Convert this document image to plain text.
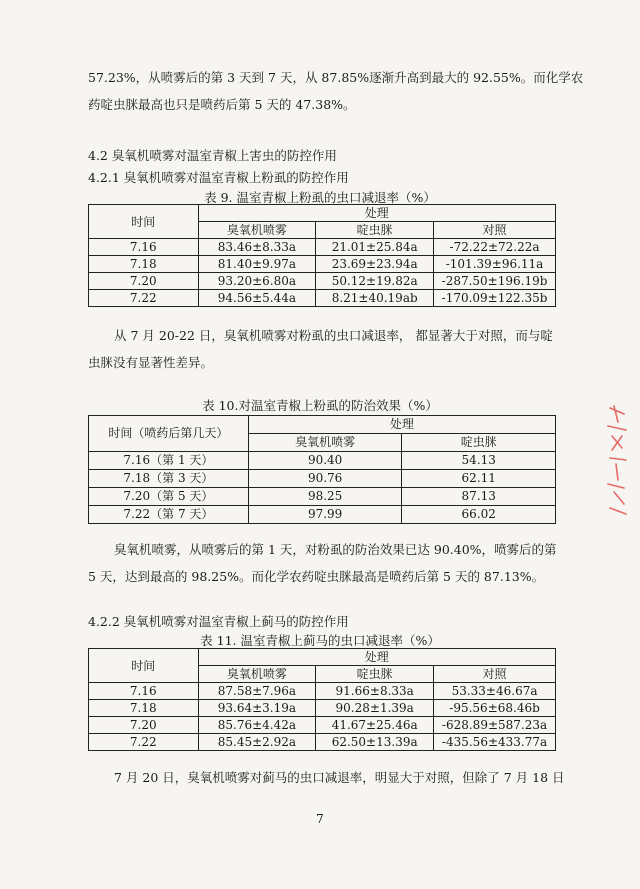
57.23%，从喷雾后的第 3 天到 7 天，从 87.85%逐渐升高到最大的 92.55%。而化学农
药啶虫脒最高也只是喷药后第 5 天的 47.38%。

4.2 臭氧机喷雾对温室青椒上害虫的防控作用

4.2.1 臭氧机喷雾对温室青椒上粉虱的防控作用

表 9. 温室青椒上粉虱的虫口减退率（%）

时间	处理		
	臭氧机喷雾	啶虫脒	对照
7.16	83.46±8.33a	21.01±25.84a	-72.22±72.22a
7.18	81.40±9.97a	23.69±23.94a	-101.39±96.11a
7.20	93.20±6.80a	50.12±19.82a	-287.50±196.19b
7.22	94.56±5.44a	8.21±40.19ab	-170.09±122.35b

从 7 月 20-22 日，臭氧机喷雾对粉虱的虫口减退率， 都显著大于对照，而与啶
虫脒没有显著性差异。

表 10.对温室青椒上粉虱的防治效果（%）

时间（喷药后第几天）	处理	
	臭氧机喷雾	啶虫脒
7.16（第 1 天）	90.40	54.13
7.18（第 3 天）	90.76	62.11
7.20（第 5 天）	98.25	87.13
7.22（第 7 天）	97.99	66.02

臭氧机喷雾，从喷雾后的第 1 天，对粉虱的防治效果已达 90.40%，喷雾后的第
5 天，达到最高的 98.25%。而化学农药啶虫脒最高是喷药后第 5 天的 87.13%。

4.2.2 臭氧机喷雾对温室青椒上蓟马的防控作用

表 11. 温室青椒上蓟马的虫口减退率（%）

时间	处理		
	臭氧机喷雾	啶虫脒	对照
7.16	87.58±7.96a	91.66±8.33a	53.33±46.67a
7.18	93.64±3.19a	90.28±1.39a	-95.56±68.46b
7.20	85.76±4.42a	41.67±25.46a	-628.89±587.23a
7.22	85.45±2.92a	62.50±13.39a	-435.56±433.77a

7 月 20 日，臭氧机喷雾对蓟马的虫口减退率，明显大于对照，但除了 7 月 18 日

7
